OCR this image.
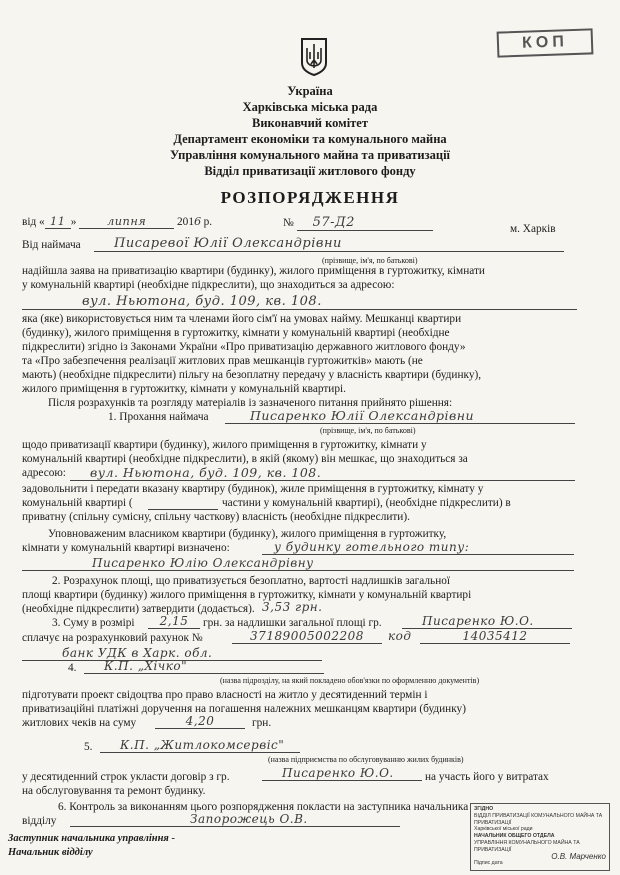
КОП
Україна
Харківська міська рада
Виконавчий комітет
Департамент економіки та комунального майна
Управління комунального майна та приватизації
Відділ приватизації житлового фонду
РОЗПОРЯДЖЕННЯ
від « 11 »	липня	2016 р.	№ 57-Д2	м. Харків
Від наймача	Писаревої Юлії Олександрівни
(прізвище, ім'я, по батькові)
надійшла заява на приватизацію квартири (будинку), жилого приміщення в гуртожитку, кімнати
у комунальній квартирі (необхідне підкреслити), що знаходиться за адресою:
вул. Ньютона, буд. 109, кв. 108.
яка (яке) використовується ним та членами його сім'ї на умовах найму. Мешканці квартири
(будинку), жилого приміщення в гуртожитку, кімнати у комунальній квартирі (необхідне
підкреслити) згідно із Законами України «Про приватизацію державного житлового фонду»
та «Про забезпечення реалізації житлових прав мешканців гуртожитків» мають (не
мають) (необхідне підкреслити) пільгу на безоплатну передачу у власність квартири (будинку),
жилого приміщення в гуртожитку, кімнати у комунальній квартирі.
Після розрахунків та розгляду матеріалів із зазначеного питання прийнято рішення:
1. Прохання наймача	Писаренко Юлії Олександрівни
(прізвище, ім'я, по батькові)
щодо приватизації квартири (будинку), жилого приміщення в гуртожитку, кімнати у
комунальній квартирі (необхідне підкреслити), в якій (якому) він мешкає, що знаходиться за
адресою:	вул. Ньютона, буд. 109, кв. 108.
задовольнити і передати вказану квартиру (будинок), жиле приміщення в гуртожитку, кімнату у
комунальній квартирі (	частини у комунальній квартирі), (необхідне підкреслити) в
приватну (спільну сумісну, спільну часткову) власність (необхідне підкреслити).
Уповноваженим власником квартири (будинку), жилого приміщення в гуртожитку,
кімнати у комунальній квартирі визначено:	у будинку готельного типу:
Писаренко Юлію Олександрівну
2. Розрахунок площі, що приватизується безоплатно, вартості надлишків загальної
площі квартири (будинку) жилого приміщення в гуртожитку, кімнати у комунальній квартирі
(необхідне підкреслити) затвердити (додається).
3. Суму в розмірі	2,15	грн. за надлишки загальної площі гр.
3,53 грн.
Писаренко Ю.О.
сплачує на розрахунковий рахунок №	37189005002208	код	14035412
банк УДК в Харк. обл.
4.	К.П. „Хічко"
(назва підрозділу, на який покладено обов'язки по оформленню документів)
підготувати проект свідоцтва про право власності на житло у десятиденний термін і
приватизаційні платіжні доручення на погашення належних мешканцям квартири (будинку)
житлових чеків на суму	4,20	грн.
5.	К.П. „Житлокомсервіс"
(назва підприємства по обслуговуванню жилих будинків)
у десятиденний строк укласти договір з гр.	Писаренко Ю.О.	на участь його у витратах
на обслуговування та ремонт будинку.
6. Контроль за виконанням цього розпорядження покласти на заступника начальника
відділу	Запорожець О.В.
Заступник начальника управління -
Начальник відділу
ЗГІДНО
ВІДДІЛ ПРИВАТИЗАЦІЇ КОМУНАЛЬНОГО МАЙНА ТА ПРИВАТИЗАЦІЇ
Харківської міської ради
НАЧАЛЬНИК ОБЩЕГО ОТДЕЛА
УПРАВЛІННЯ КОМУНАЛЬНОГО МАЙНА ТА ПРИВАТИЗАЦІЇ
О.В. Марченко
Підпис дата
